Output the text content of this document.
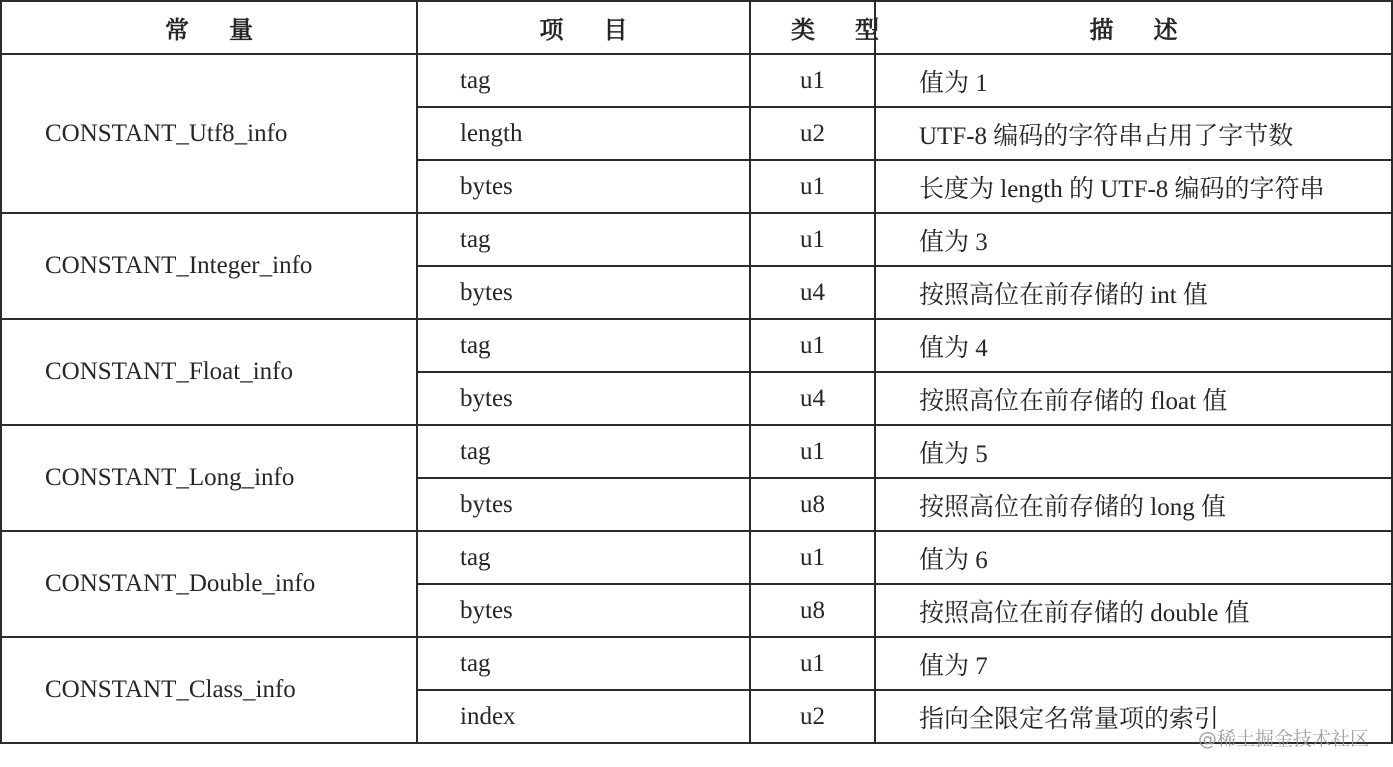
常量	项目	类型	描述
CONSTANT_Utf8_info	tag	u1	值为 1
	length	u2	UTF-8 编码的字符串占用了字节数
	bytes	u1	长度为 length 的 UTF-8 编码的字符串
CONSTANT_Integer_info	tag	u1	值为 3
	bytes	u4	按照高位在前存储的 int 值
CONSTANT_Float_info	tag	u1	值为 4
	bytes	u4	按照高位在前存储的 float 值
CONSTANT_Long_info	tag	u1	值为 5
	bytes	u8	按照高位在前存储的 long 值
CONSTANT_Double_info	tag	u1	值为 6
	bytes	u8	按照高位在前存储的 double 值
CONSTANT_Class_info	tag	u1	值为 7
	index	u2	指向全限定名常量项的索引
@稀土掘金技术社区
